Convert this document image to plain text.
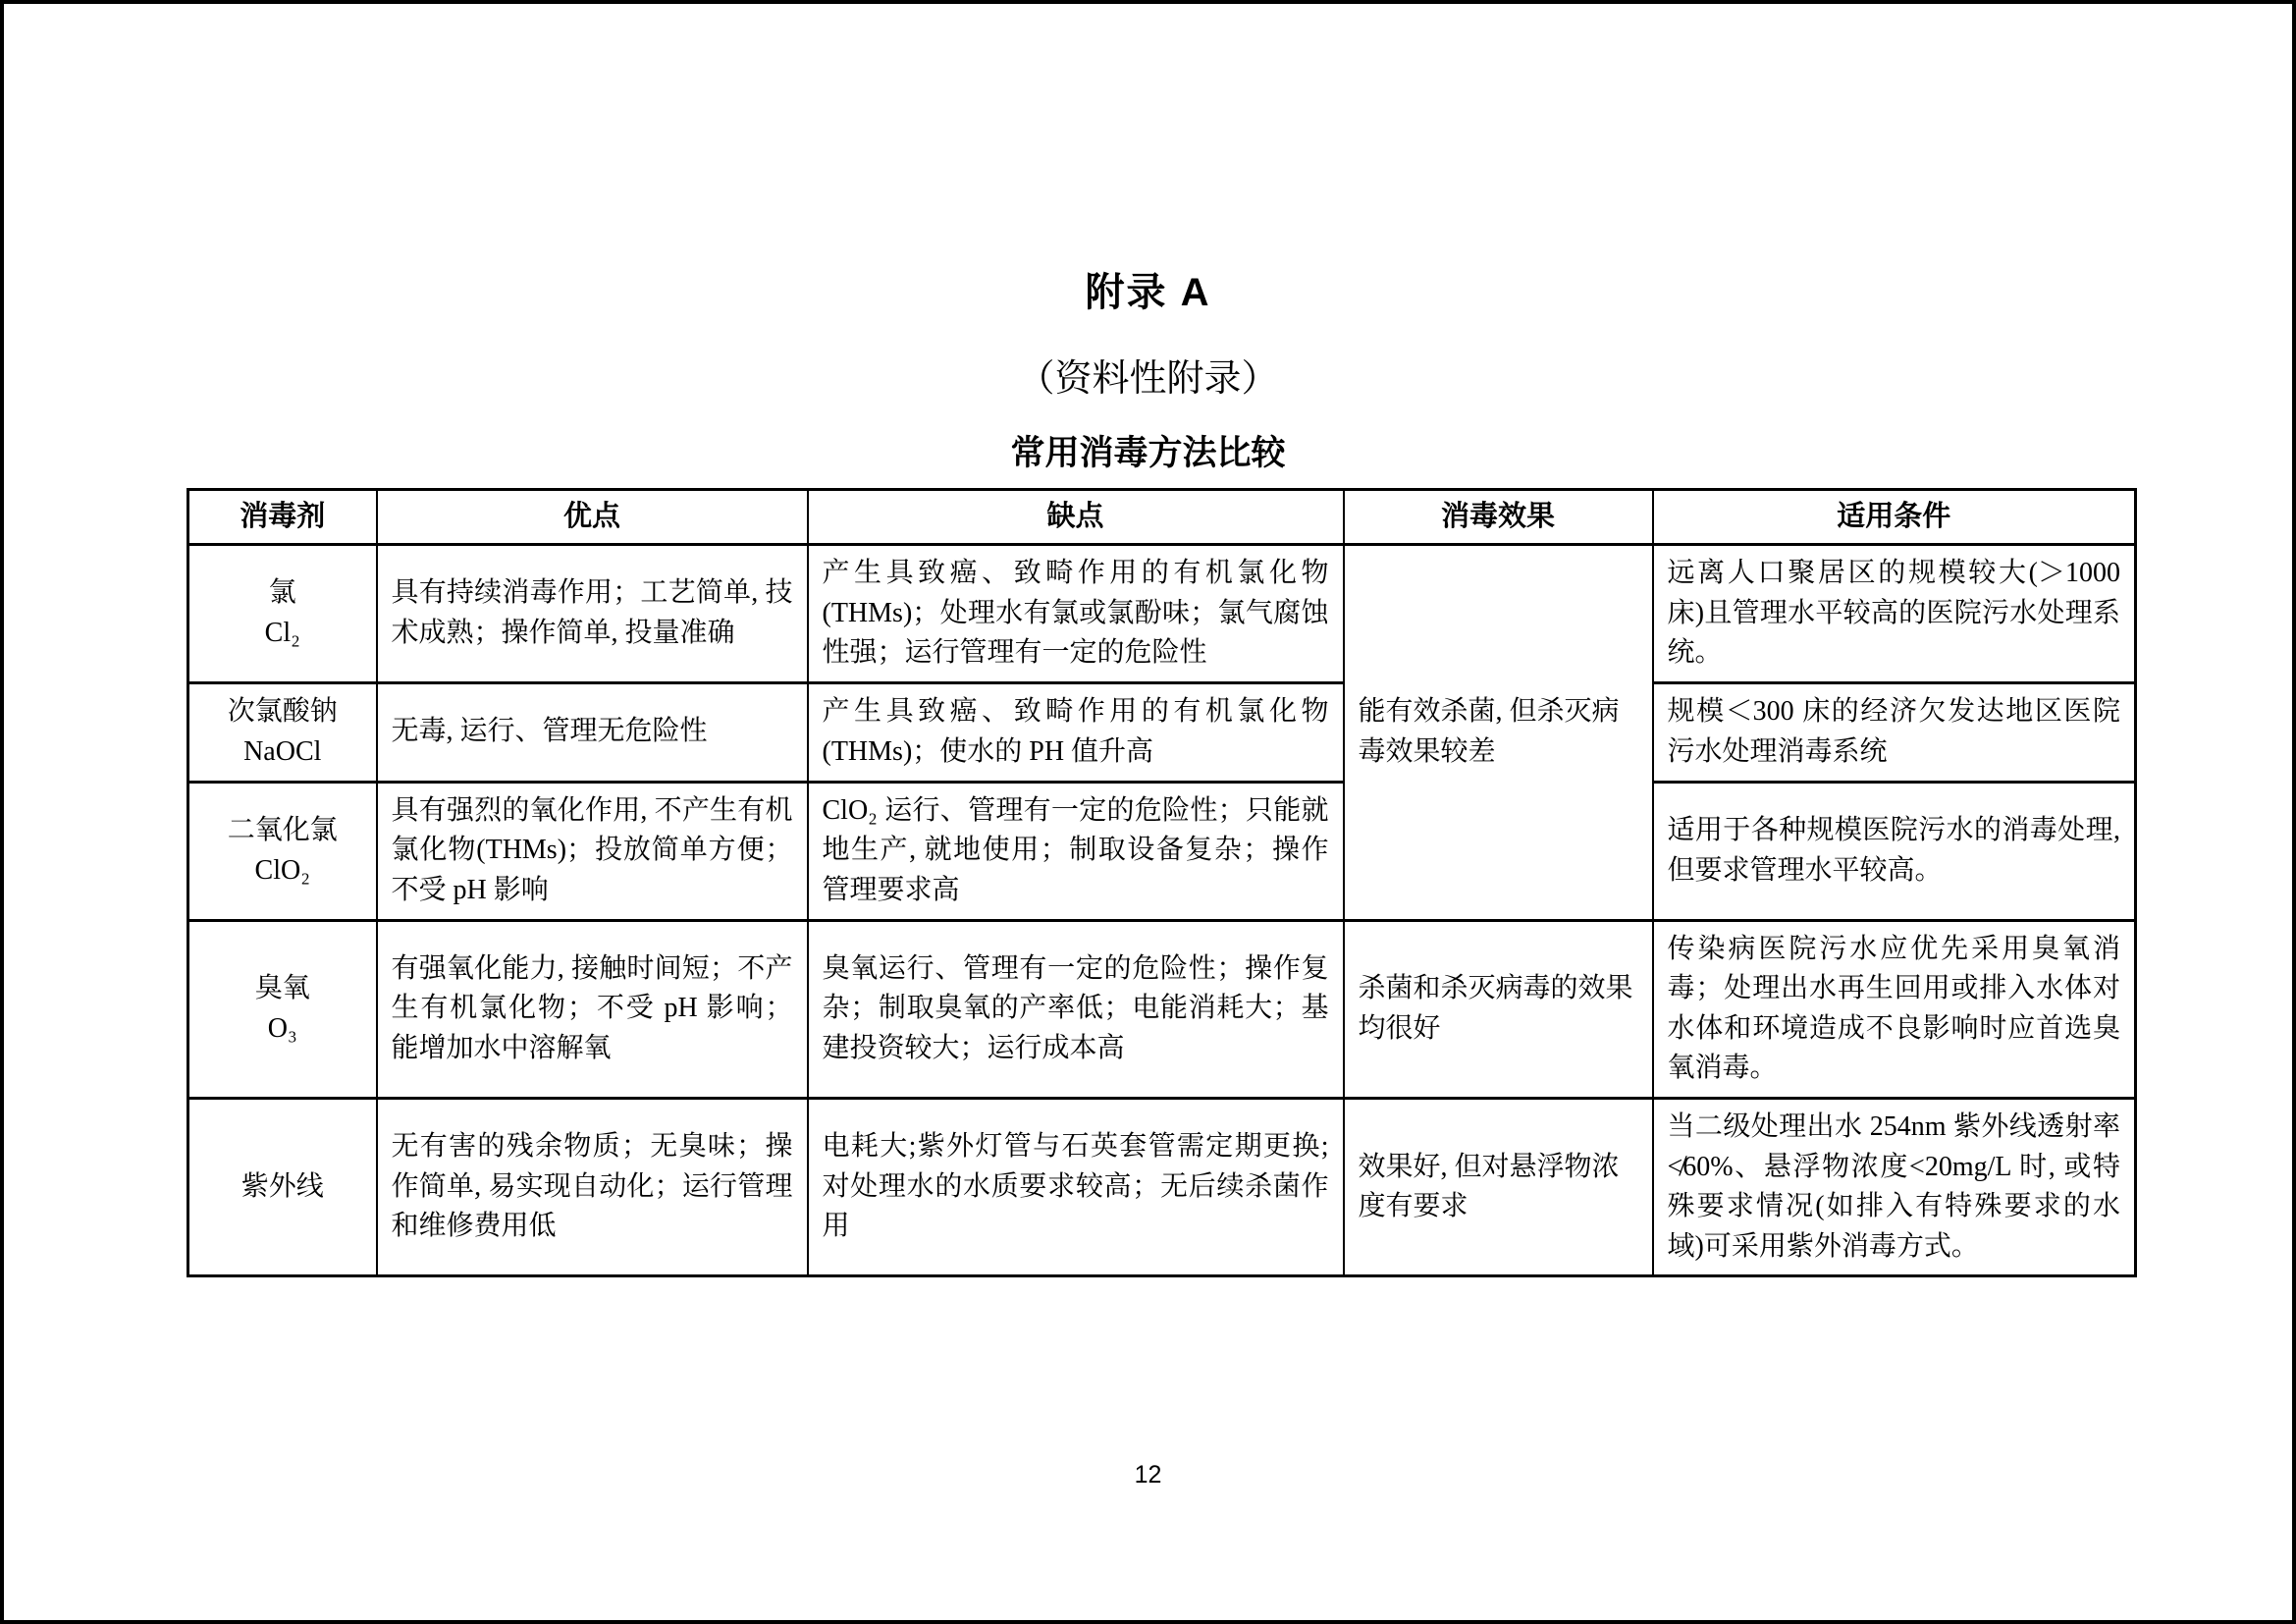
附录 A
（资料性附录）
常用消毒方法比较
消毒剂	优点	缺点	消毒效果	适用条件

氯
Cl₂	具有持续消毒作用；工艺简单, 技术成熟；操作简单, 投量准确	产生具致癌、致畸作用的有机氯化物(THMs)；处理水有氯或氯酚味；氯气腐蚀性强；运行管理有一定的危险性	能有效杀菌, 但杀灭病毒效果较差	远离人口聚居区的规模较大(＞1000 床)且管理水平较高的医院污水处理系统。

次氯酸钠
NaOCl	无毒, 运行、管理无危险性	产生具致癌、致畸作用的有机氯化物(THMs)；使水的 PH 值升高		规模＜300 床的经济欠发达地区医院污水处理消毒系统

二氧化氯
ClO₂	具有强烈的氧化作用, 不产生有机氯化物(THMs)；投放简单方便；不受 pH 影响	ClO₂ 运行、管理有一定的危险性；只能就地生产, 就地使用；制取设备复杂；操作管理要求高		适用于各种规模医院污水的消毒处理, 但要求管理水平较高。

臭氧
O₃	有强氧化能力, 接触时间短；不产生有机氯化物；不受 pH 影响；能增加水中溶解氧	臭氧运行、管理有一定的危险性；操作复杂；制取臭氧的产率低；电能消耗大；基建投资较大；运行成本高	杀菌和杀灭病毒的效果均很好	传染病医院污水应优先采用臭氧消毒；处理出水再生回用或排入水体对水体和环境造成不良影响时应首选臭氧消毒。

紫外线	无有害的残余物质；无臭味；操作简单, 易实现自动化；运行管理和维修费用低	电耗大;紫外灯管与石英套管需定期更换;对处理水的水质要求较高；无后续杀菌作用	效果好, 但对悬浮物浓度有要求	当二级处理出水 254nm 紫外线透射率≮60%、悬浮物浓度<20mg/L 时, 或特殊要求情况(如排入有特殊要求的水域)可采用紫外消毒方式。
12
